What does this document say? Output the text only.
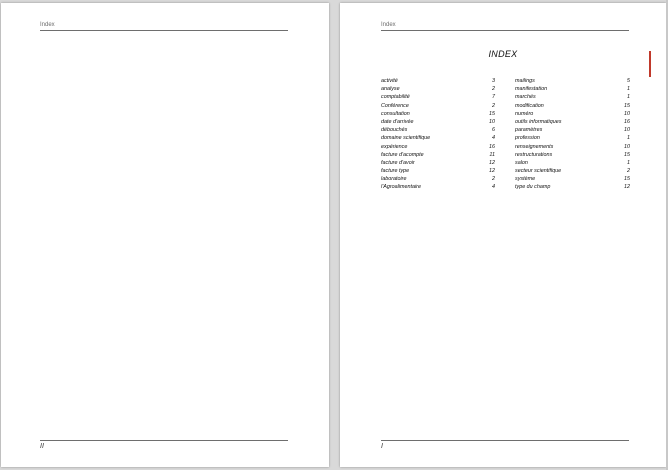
Index
II
Index
INDEX
activité	3
analyse	2
comptabilité	7
Conférence	2
consultation	15
date d'arrivée	10
débouchés	6
domaine scientifique	4
expérience	16
facture d'acompte	11
facture d'avoir	12
facture type	12
laboratoire	2
l'Agroalimentaire	4
mailings	5
manifestation	1
marchés	1
modification	15
numéro	10
outils informatiques	16
paramètres	10
profession	1
renseignements	10
restructurations	15
salon	1
secteur scientifique	2
système	15
type du champ	12
I
